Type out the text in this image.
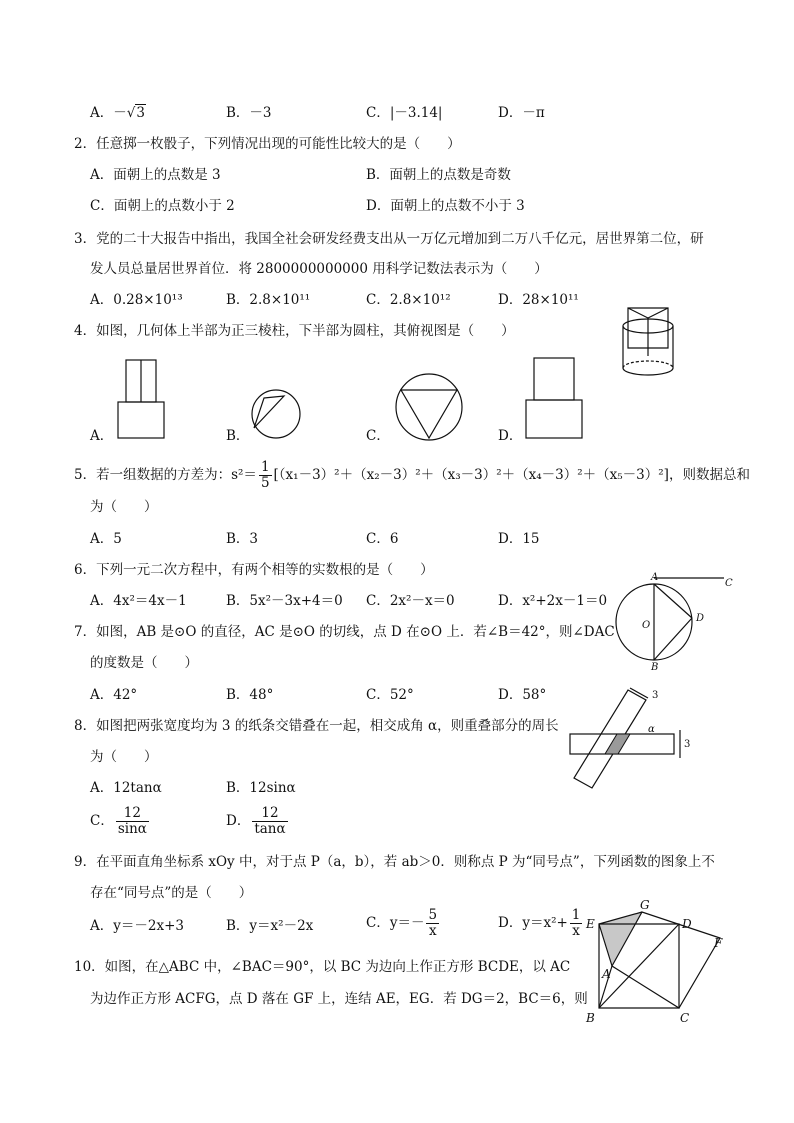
A．－√3	B．－3	C．|－3.14|	D．－π
2．任意掷一枚骰子，下列情况出现的可能性比较大的是（　　）
A．面朝上的点数是 3	B．面朝上的点数是奇数
C．面朝上的点数小于 2	D．面朝上的点数不小于 3
3．党的二十大报告中指出，我国全社会研发经费支出从一万亿元增加到二万八千亿元，居世界第二位，研
发人员总量居世界首位．将 2800000000000 用科学记数法表示为（　　）
A．0.28×10¹³	B．2.8×10¹¹	C．2.8×10¹²	D．28×10¹¹
4．如图，几何体上半部为正三棱柱，下半部为圆柱，其俯视图是（　　）
A．	B．	C．	D．
5．若一组数据的方差为：$s^2= \frac{1}{5} [(x_1-3)^2+(x_2-3)^2+(x_3-3)^2+(x_4-3)^2+(x_5-3)^2]$，则数据总和
为（　　）
A．5	B．3	C．6	D．15
6．下列一元二次方程中，有两个相等的实数根的是（　　）
A．4x²＝4x－1	B．5x²－3x+4＝0 C．2x²－x＝0	D．x²+2x－1＝0
A
C
O
D
B
7．如图，AB 是⊙O 的直径，AC 是⊙O 的切线，点 D 在⊙O 上．若∠B＝42°，则∠DAC
的度数是（　　）
A．42°	B．48°	C．52°	D．58°	3
3
α
8．如图把两张宽度均为 3 的纸条交错叠在一起，相交成角 α，则重叠部分的周长
为（　　）
A．12tanα	B．12sinα
C． $\frac{12}{\sin\alpha}$	D． $\frac{12}{\tan\alpha}$
9．在平面直角坐标系 xOy 中，对于点 P（a，b），若 ab＞0．则称点 P 为“同号点”，下列函数的图象上不
存在“同号点”的是（　　）
A．y＝－2x+3	B．y＝x²－2x	C．$y=- \frac{5}{x}$	D．$y=x^2+ \frac{1}{x}$ E
G
D
F
A
B	C
10．如图，在△ABC 中，∠BAC＝90°，以 BC 为边向上作正方形 BCDE，以 AC
为边作正方形 ACFG，点 D 落在 GF 上，连结 AE，EG．若 DG＝2，BC＝6，则
